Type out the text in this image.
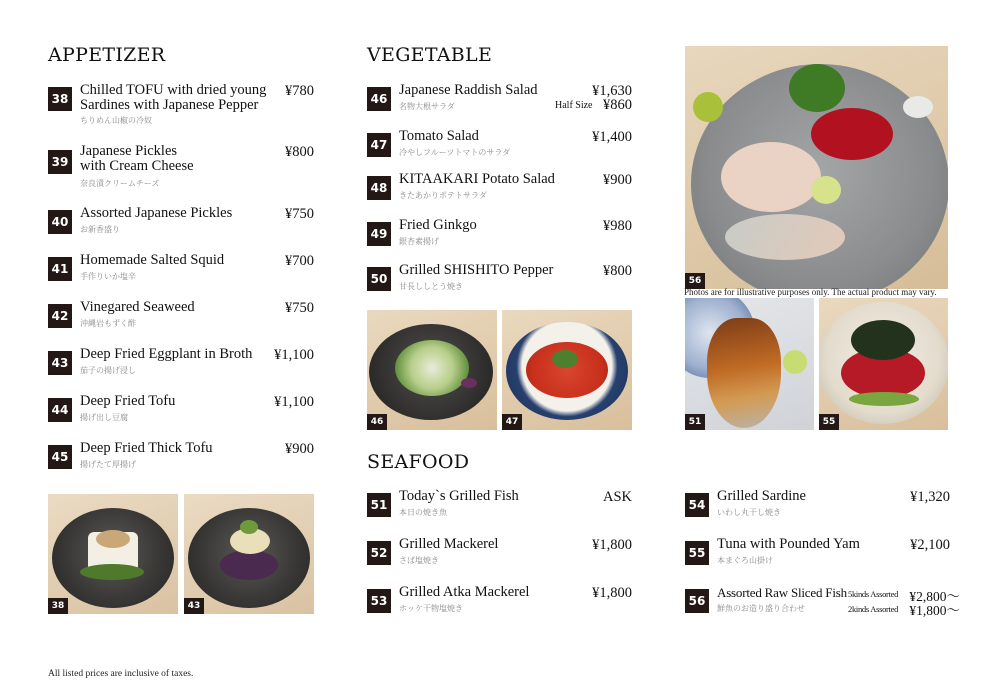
APPETIZER	VEGETABLE
SEAFOOD
38
Chilled TOFU with dried young
Sardines with Japanese Pepper
ちりめん山椒の冷奴
¥780
39
Japanese Pickles
with Cream Cheese
奈良漬クリームチーズ
¥800
40
Assorted Japanese Pickles
お新香盛り
¥750
41
Homemade Salted Squid
手作りいか塩辛
¥700
42
Vinegared Seaweed
沖縄岩もずく酢
¥750
43
Deep Fried Eggplant in Broth
茄子の揚げ浸し
¥1,100
44
Deep Fried Tofu
揚げ出し豆腐
¥1,100
45
Deep Fried Thick Tofu
揚げたて厚揚げ
¥900
38	43
46
Japanese Raddish Salad
名物大根サラダ
¥1,630
Half Size ¥860
47
Tomato Salad
冷やしフルーツトマトのサラダ
¥1,400
48
KITAAKARI Potato Salad
きたあかりポテトサラダ
¥900
49
Fried Ginkgo
銀杏素揚げ
¥980
50
Grilled SHISHITO Pepper
甘長ししとう焼き
¥800
46	47
56
Photos are for illustrative purposes only. The actual product may vary.
51	55
51
Today`s Grilled Fish
本日の焼き魚
ASK
52
Grilled Mackerel
さば塩焼き
¥1,800
53
Grilled Atka Mackerel
ホッケ干物塩焼き
¥1,800
54
Grilled Sardine
いわし丸干し焼き
¥1,320
55
Tuna with Pounded Yam
本まぐろ山掛け
¥2,100
56
Assorted Raw Sliced Fish
鮮魚のお造り盛り合わせ
5kinds Assorted ¥2,800～
2kinds Assorted ¥1,800～
All listed prices are inclusive of taxes.
